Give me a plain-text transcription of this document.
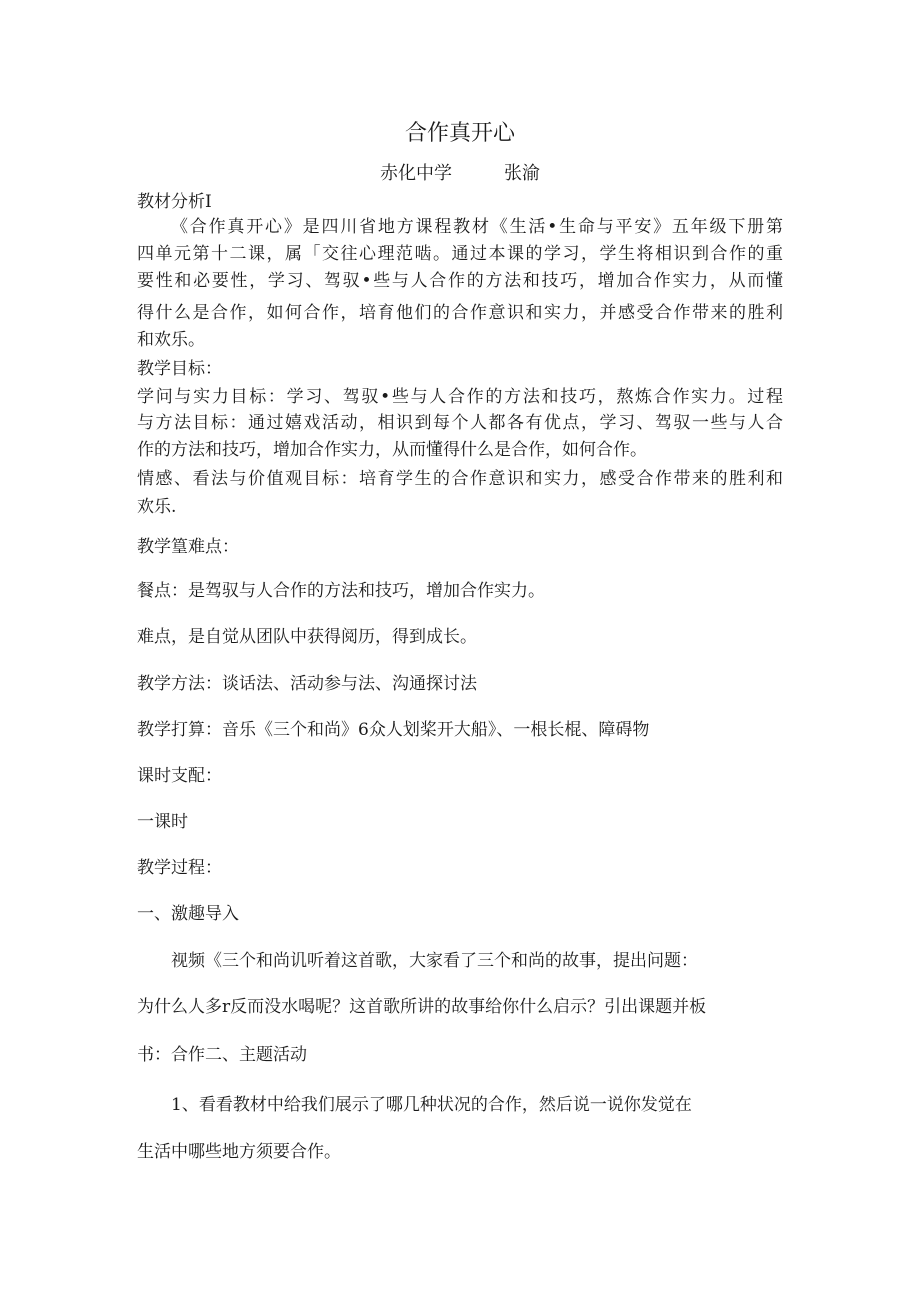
合作真开心
赤化中学	张渝

教材分析I

《合作真开心》是四川省地方课程教材《生活•生命与平安》五年级下册第

四单元第十二课，属「交往心理范啮。通过本课的学习，学生将相识到合作的重

要性和必要性，学习、驾驭•些与人合作的方法和技巧，增加合作实力，从而懂

得什么是合作，如何合作，培育他们的合作意识和实力，并感受合作带来的胜利

和欢乐。

教学目标：

学问与实力目标：学习、驾驭•些与人合作的方法和技巧，熬炼合作实力。过程

与方法目标：通过嬉戏活动，相识到每个人都各有优点，学习、驾驭一些与人合

作的方法和技巧，增加合作实力，从而懂得什么是合作，如何合作。

情感、看法与价值观目标：培育学生的合作意识和实力，感受合作带来的胜利和

欢乐.

教学篁难点：

餐点：是驾驭与人合作的方法和技巧，增加合作实力。

难点，是自觉从团队中获得阅历，得到成长。

教学方法：谈话法、活动参与法、沟通探讨法

教学打算：音乐《三个和尚》6众人划桨开大船》、一根长棍、障碍物

课时支配：

一课时

教学过程：

一、激趣导入

视频《三个和尚讥听着这首歌，大家看了三个和尚的故事，提出问题：

为什么人多r反而没水喝呢？这首歌所讲的故事给你什么启示？引出课题并板

书：合作二、主题活动

1、看看教材中给我们展示了哪几种状况的合作，然后说一说你发觉在

生活中哪些地方须要合作。
